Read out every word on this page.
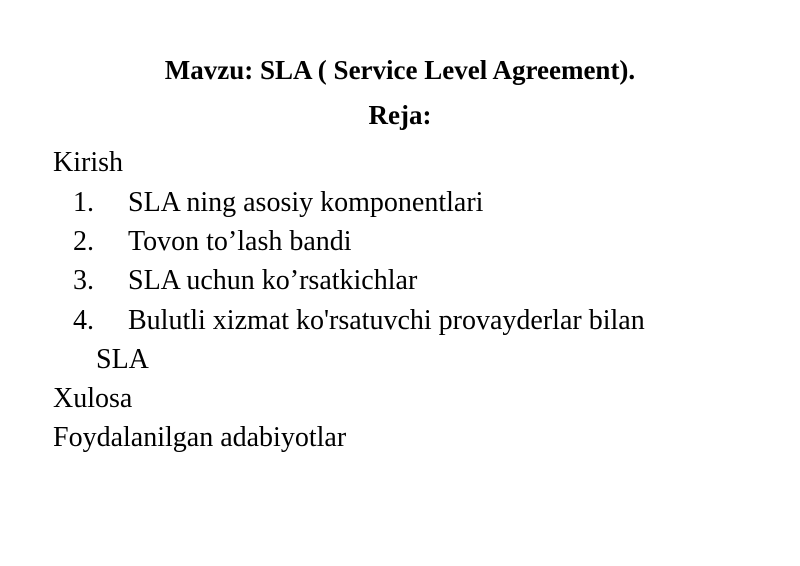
Mavzu: SLA ( Service Level Agreement).
Reja:
Kirish
1. SLA ning asosiy komponentlari
2. Tovon to’lash bandi
3. SLA uchun ko’rsatkichlar
4. Bulutli xizmat ko'rsatuvchi provayderlar bilan
SLA
Xulosa
Foydalanilgan adabiyotlar
